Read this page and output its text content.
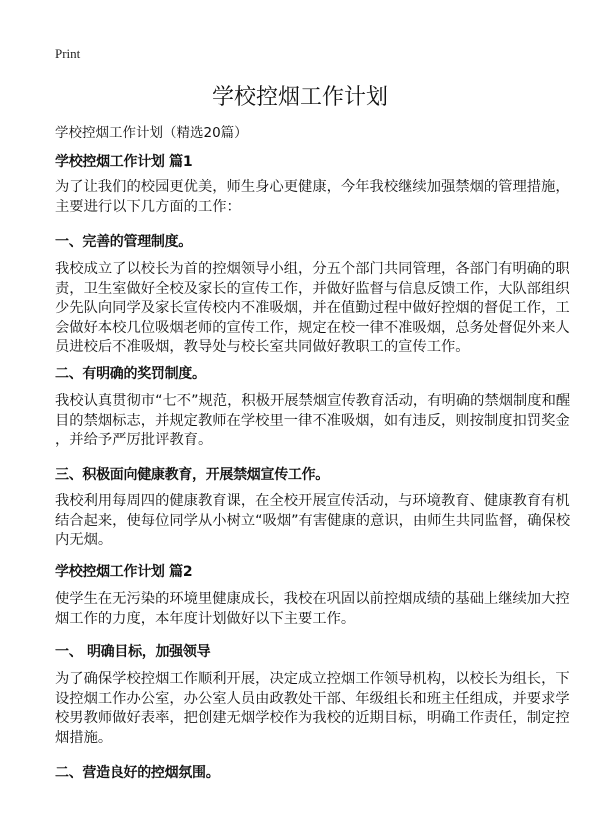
Print
学校控烟工作计划
学校控烟工作计划（精选20篇）
学校控烟工作计划 篇1
为了让我们的校园更优美，师生身心更健康，今年我校继续加强禁烟的管理措施，
主要进行以下几方面的工作：
一、完善的管理制度。
我校成立了以校长为首的控烟领导小组，分五个部门共同管理，各部门有明确的职
责，卫生室做好全校及家长的宣传工作，并做好监督与信息反馈工作，大队部组织
少先队向同学及家长宣传校内不准吸烟，并在值勤过程中做好控烟的督促工作，工
会做好本校几位吸烟老师的宣传工作，规定在校一律不准吸烟，总务处督促外来人
员进校后不准吸烟，教导处与校长室共同做好教职工的宣传工作。
二、有明确的奖罚制度。
我校认真贯彻市“七不”规范，积极开展禁烟宣传教育活动，有明确的禁烟制度和醒
目的禁烟标志，并规定教师在学校里一律不准吸烟，如有违反，则按制度扣罚奖金
，并给予严厉批评教育。
三、积极面向健康教育，开展禁烟宣传工作。
我校利用每周四的健康教育课，在全校开展宣传活动，与环境教育、健康教育有机
结合起来，使每位同学从小树立“吸烟”有害健康的意识，由师生共同监督，确保校
内无烟。
学校控烟工作计划 篇2
使学生在无污染的环境里健康成长，我校在巩固以前控烟成绩的基础上继续加大控
烟工作的力度，本年度计划做好以下主要工作。
一、 明确目标，加强领导
为了确保学校控烟工作顺利开展，决定成立控烟工作领导机构，以校长为组长，下
设控烟工作办公室，办公室人员由政教处干部、年级组长和班主任组成，并要求学
校男教师做好表率，把创建无烟学校作为我校的近期目标，明确工作责任，制定控
烟措施。
二、营造良好的控烟氛围。
